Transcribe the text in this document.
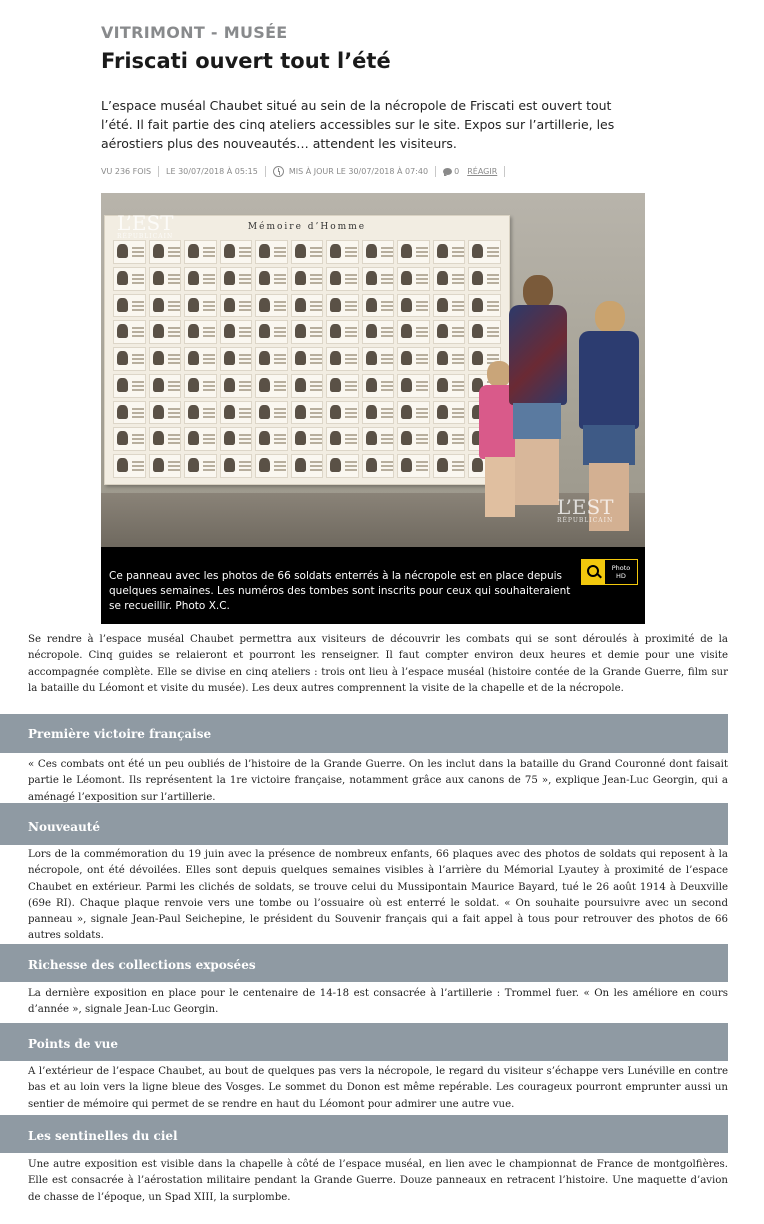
VITRIMONT - MUSÉE

Friscati ouvert tout l’été

L’espace muséal Chaubet situé au sein de la nécropole de Friscati est ouvert tout l’été. Il fait partie des cinq ateliers accessibles sur le site. Expos sur l’artillerie, les aérostiers plus des nouveautés… attendent les visiteurs.

VU 236 FOIS LE 30/07/2018 À 05:15	MIS À JOUR LE 30/07/2018 À 07:40	0 RÉAGIR
Mémoire d’Homme
L’EST
RÉPUBLICAIN
L’EST
RÉPUBLICAIN

Ce panneau avec les photos de 66 soldats enterrés à la nécropole est en place depuis quelques semaines. Les numéros des tombes sont inscrits pour ceux qui souhaiteraient se recueillir. Photo X.C.

Photo
HD

Se rendre à l’espace muséal Chaubet permettra aux visiteurs de découvrir les combats qui se sont déroulés à proximité de la nécropole. Cinq guides se relaieront et pourront les renseigner. Il faut compter environ deux heures et demie pour une visite accompagnée complète. Elle se divise en cinq ateliers : trois ont lieu à l’espace muséal (histoire contée de la Grande Guerre, film sur la bataille du Léomont et visite du musée). Les deux autres comprennent la visite de la chapelle et de la nécropole.

Première victoire française

« Ces combats ont été un peu oubliés de l’histoire de la Grande Guerre. On les inclut dans la bataille du Grand Couronné dont faisait partie le Léomont. Ils représentent la 1re victoire française, notamment grâce aux canons de 75 », explique Jean-Luc Georgin, qui a aménagé l’exposition sur l’artillerie.

Nouveauté

Lors de la commémoration du 19 juin avec la présence de nombreux enfants, 66 plaques avec des photos de soldats qui reposent à la nécropole, ont été dévoilées. Elles sont depuis quelques semaines visibles à l’arrière du Mémorial Lyautey à proximité de l’espace Chaubet en extérieur. Parmi les clichés de soldats, se trouve celui du Mussipontain Maurice Bayard, tué le 26 août 1914 à Deuxville (69e RI). Chaque plaque renvoie vers une tombe ou l’ossuaire où est enterré le soldat. « On souhaite poursuivre avec un second panneau », signale Jean-Paul Seichepine, le président du Souvenir français qui a fait appel à tous pour retrouver des photos de 66 autres soldats.

Richesse des collections exposées

La dernière exposition en place pour le centenaire de 14-18 est consacrée à l’artillerie : Trommel fuer. « On les améliore en cours d’année », signale Jean-Luc Georgin.

Points de vue

A l’extérieur de l’espace Chaubet, au bout de quelques pas vers la nécropole, le regard du visiteur s’échappe vers Lunéville en contre bas et au loin vers la ligne bleue des Vosges. Le sommet du Donon est même repérable. Les courageux pourront emprunter aussi un sentier de mémoire qui permet de se rendre en haut du Léomont pour admirer une autre vue.

Les sentinelles du ciel

Une autre exposition est visible dans la chapelle à côté de l’espace muséal, en lien avec le championnat de France de montgolfières. Elle est consacrée à l’aérostation militaire pendant la Grande Guerre. Douze panneaux en retracent l’histoire. Une maquette d’avion de chasse de l’époque, un Spad XIII, la surplombe.
